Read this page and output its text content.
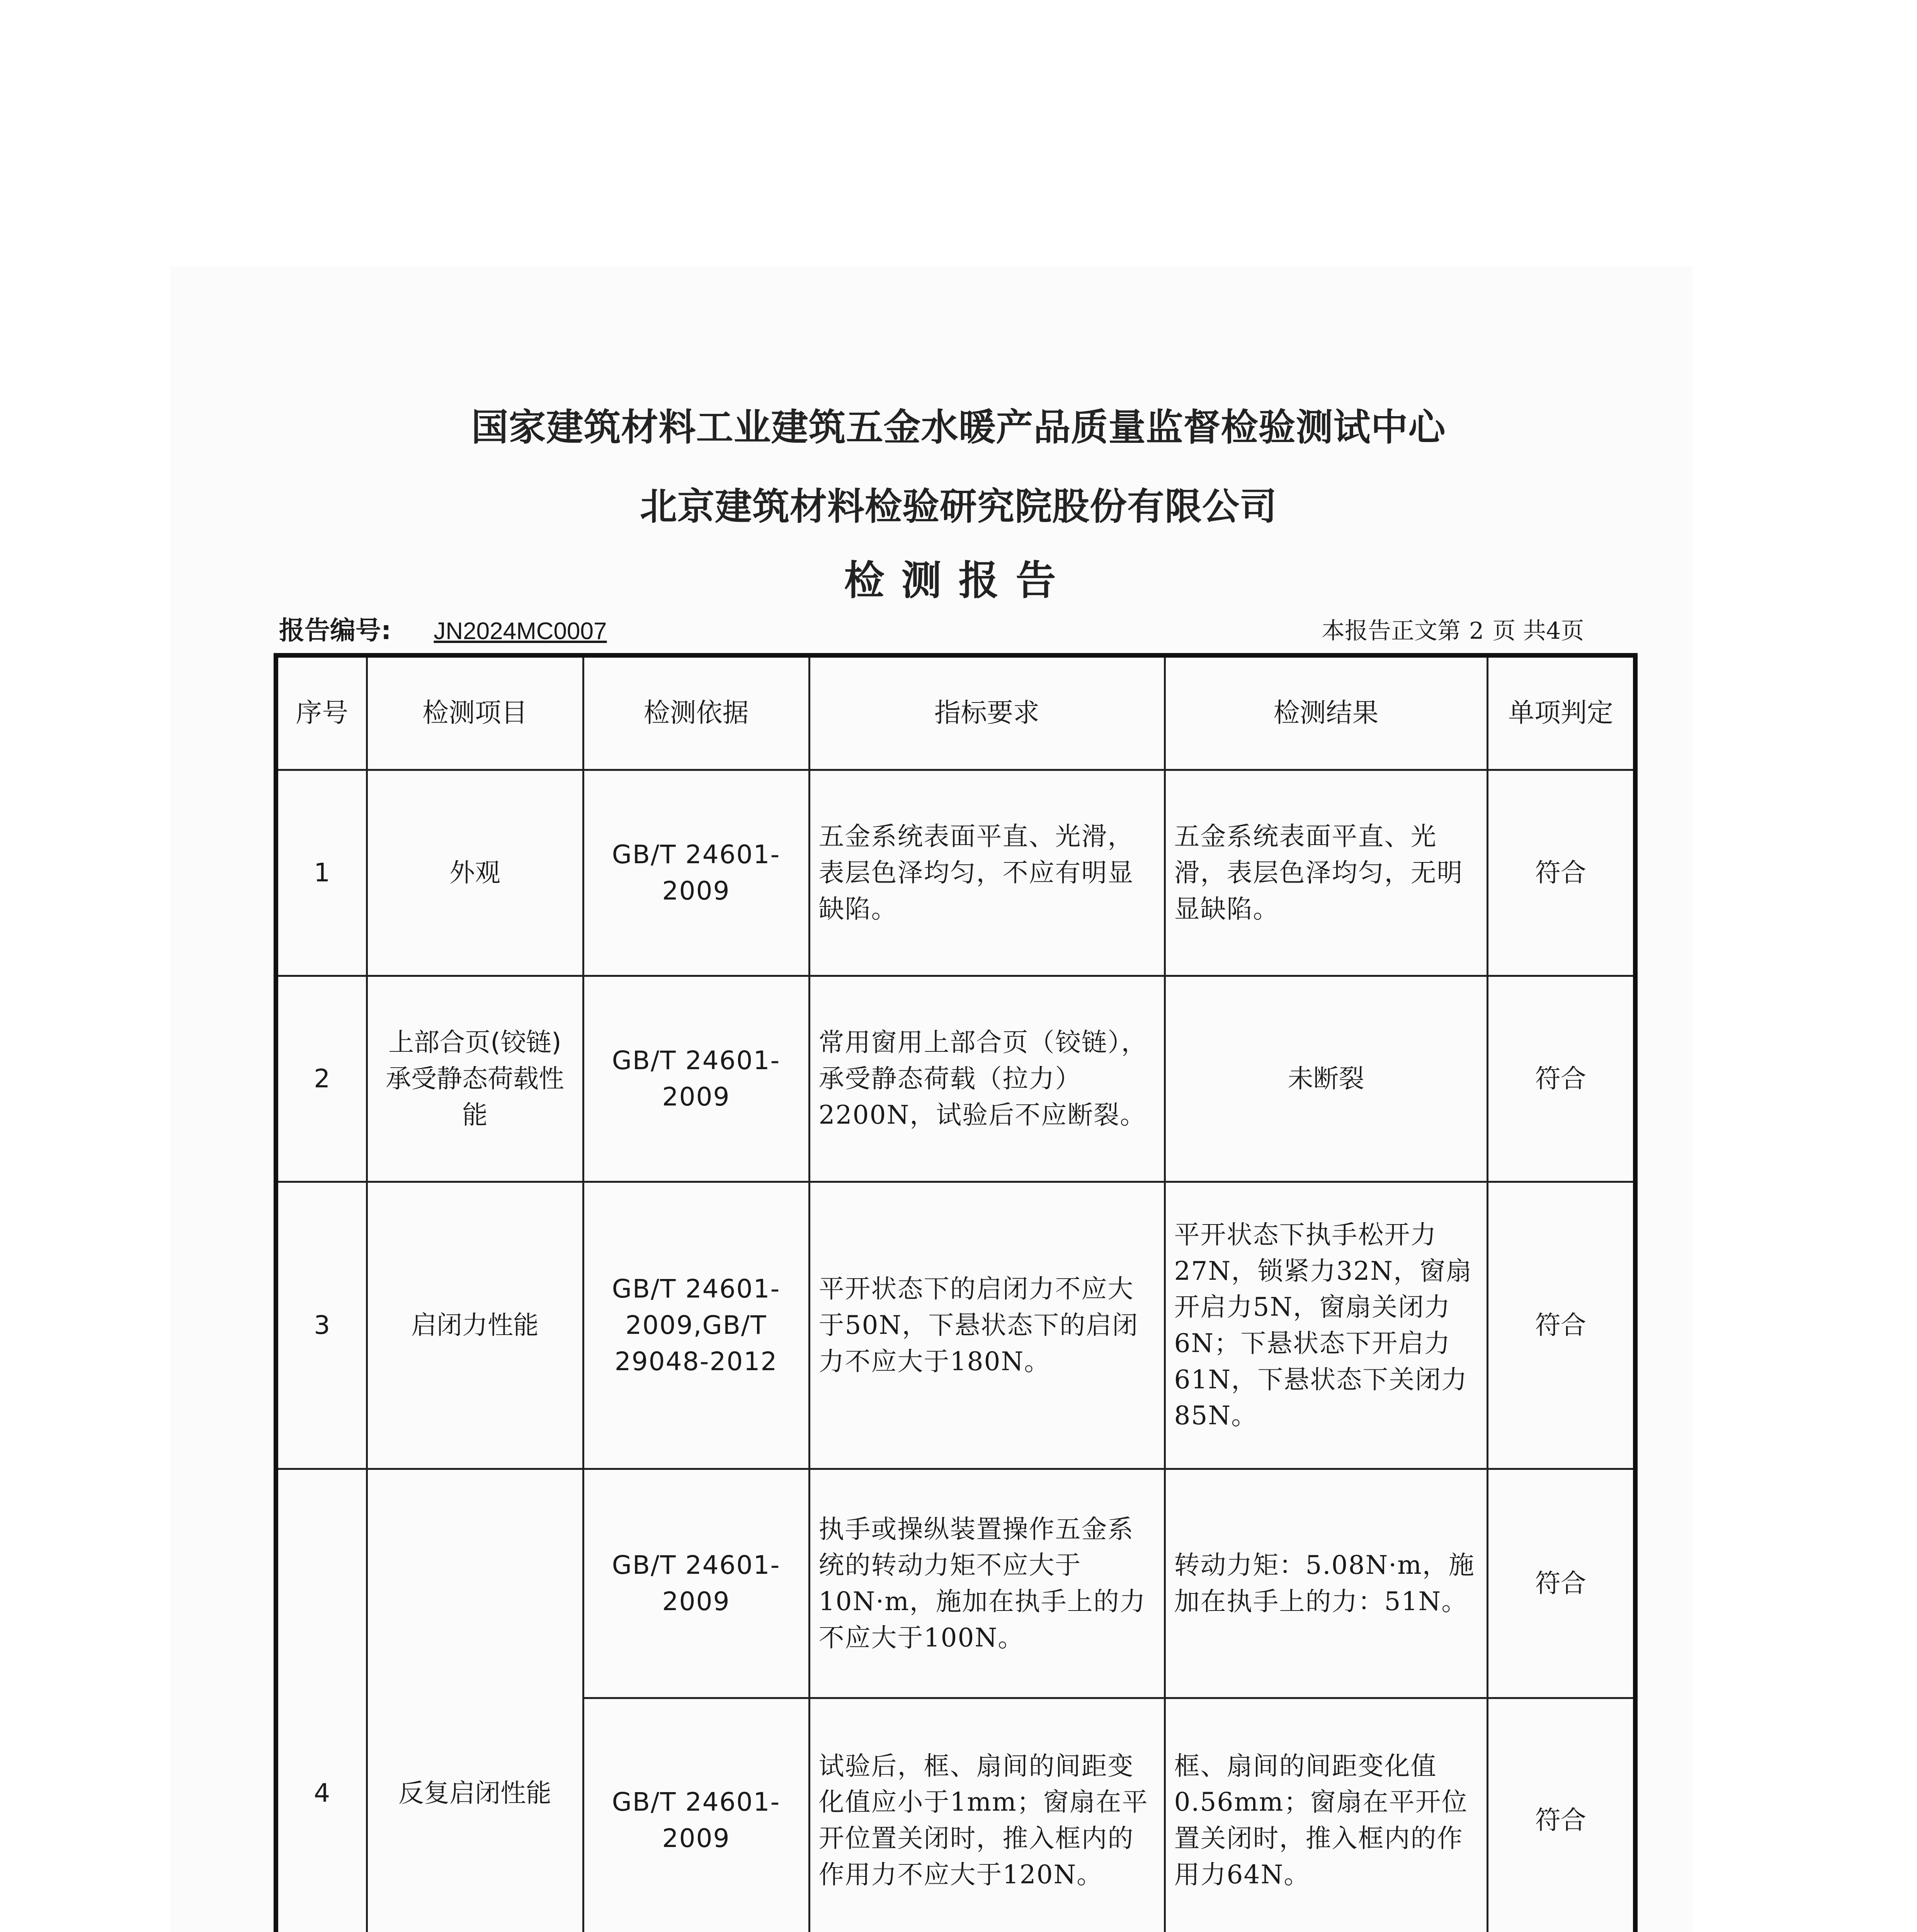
国家建筑材料工业建筑五金水暖产品质量监督检验测试中心
北京建筑材料检验研究院股份有限公司
检测报告
报告编号: JN2024MC0007	本报告正文第 2 页 共4页
序号	检测项目	检测依据	指标要求	检测结果	单项判定
1	外观	GB/T 24601-2009	五金系统表面平直、光滑，表层色泽均匀，不应有明显缺陷。	五金系统表面平直、光滑，表层色泽均匀，无明显缺陷。	符合
2	上部合页(铰链)承受静态荷载性能	GB/T 24601-2009	常用窗用上部合页（铰链），承受静态荷载（拉力）2200N，试验后不应断裂。	未断裂	符合
3	启闭力性能	GB/T 24601-2009,GB/T 29048-2012	平开状态下的启闭力不应大于50N，下悬状态下的启闭力不应大于180N。	平开状态下执手松开力27N，锁紧力32N，窗扇开启力5N，窗扇关闭力6N；下悬状态下开启力61N，下悬状态下关闭力85N。	符合
4	反复启闭性能	GB/T 24601-2009	执手或操纵装置操作五金系统的转动力矩不应大于10N·m，施加在执手上的力不应大于100N。	转动力矩：5.08N·m，施加在执手上的力：51N。	符合
		GB/T 24601-2009	试验后，框、扇间的间距变化值应小于1mm；窗扇在平开位置关闭时，推入框内的作用力不应大于120N。	框、扇间的间距变化值0.56mm；窗扇在平开位置关闭时，推入框内的作用力64N。	符合
